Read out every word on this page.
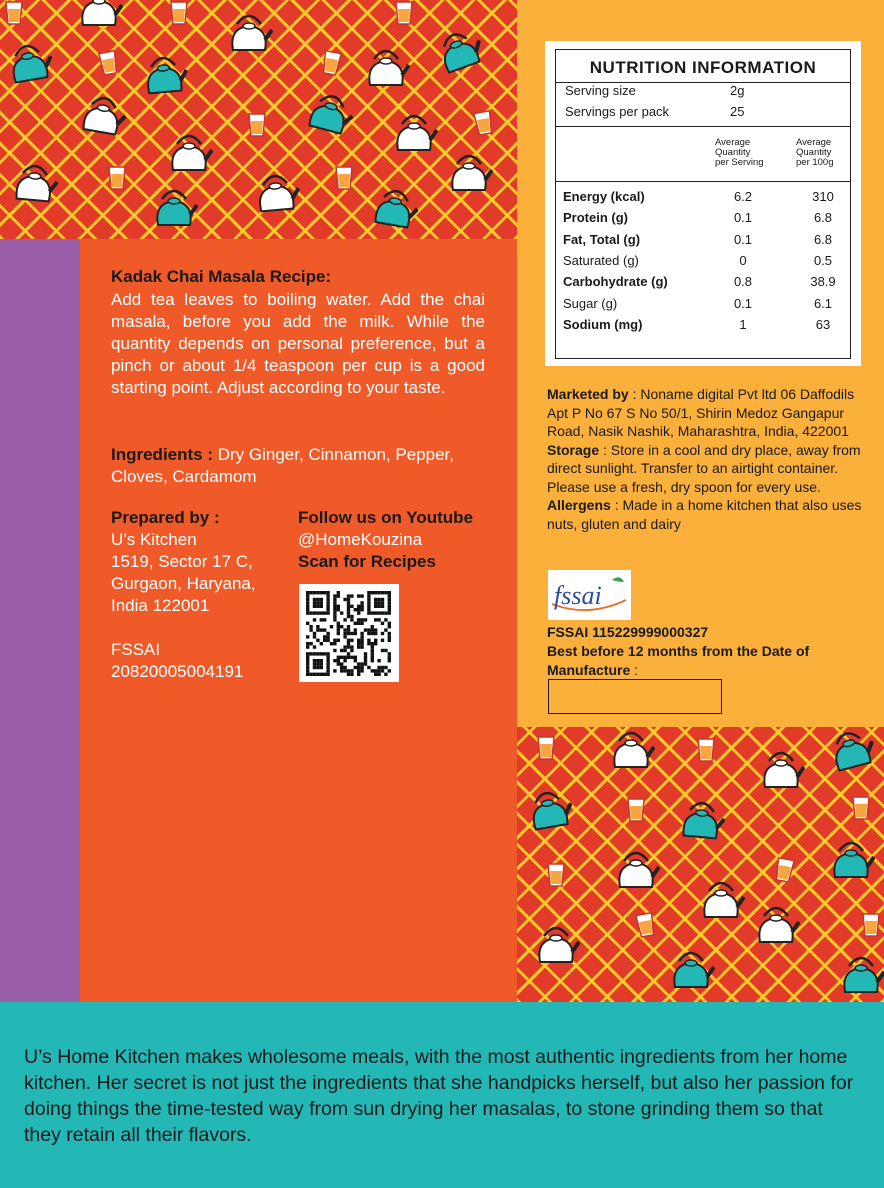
Kadak Chai Masala Recipe:
Add tea leaves to boiling water. Add the chai masala, before you add the milk. While the quantity depends on personal preference, but a pinch or about 1/4 teaspoon per cup is a good starting point. Adjust according to your taste.
Ingredients : Dry Ginger, Cinnamon, Pepper, Cloves, Cardamom
Prepared by :
U’s Kitchen
1519, Sector 17 C,
Gurgaon, Haryana,
India 122001
FSSAI
20820005004191
Follow us on Youtube
@HomeKouzina
Scan for Recipes
NUTRITION INFORMATION
Serving size	2g
Servings per pack	25
Average
Quantity
per Serving
Average
Quantity
per 100g
Energy (kcal)	6.2	310
Protein (g)	0.1	6.8
Fat, Total (g)	0.1	6.8
Saturated (g)	0	0.5
Carbohydrate (g)	0.8	38.9
Sugar (g)	0.1	6.1
Sodium (mg)	1	63
Marketed by : Noname digital Pvt ltd 06 Daffodils Apt P No 67 S No 50/1, Shirin Medoz Gangapur Road, Nasik Nashik, Maharashtra, India, 422001
Storage : Store in a cool and dry place, away from direct sunlight. Transfer to an airtight container. Please use a fresh, dry spoon for every use.
Allergens : Made in a home kitchen that also uses nuts, gluten and dairy
fssai
FSSAI 115229999000327
Best before 12 months from the Date of Manufacture :
U’s Home Kitchen makes wholesome meals, with the most authentic ingredients from her home kitchen. Her secret is not just the ingredients that she handpicks herself, but also her passion for doing things the time-tested way from sun drying her masalas, to stone grinding them so that they retain all their flavors.
